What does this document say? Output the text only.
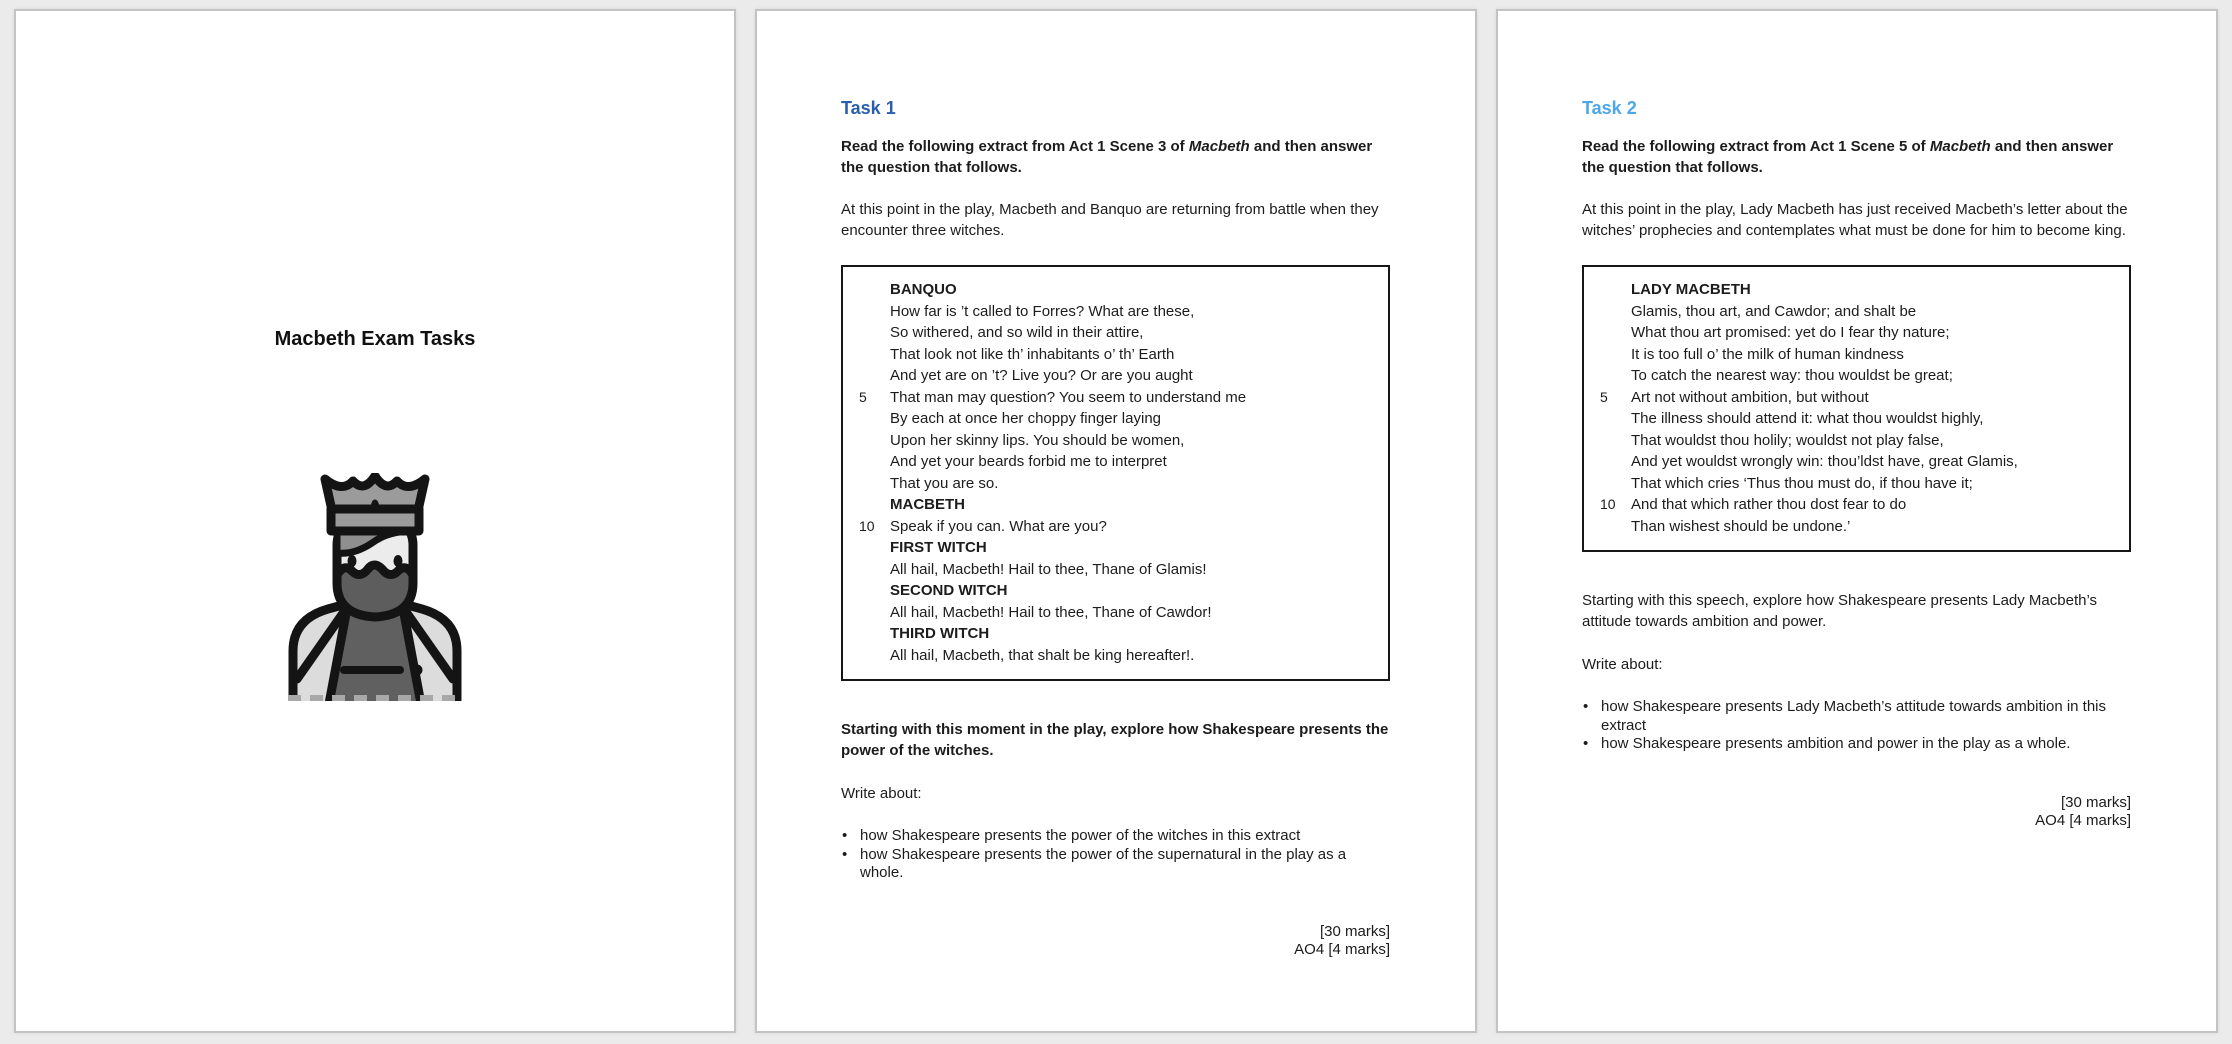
Macbeth Exam Tasks
Task 1

Read the following extract from Act 1 Scene 3 of Macbeth and then answer the question that follows.

At this point in the play, Macbeth and Banquo are returning from battle when they encounter three witches.

BANQUO
How far is ’t called to Forres? What are these,
So withered, and so wild in their attire,
That look not like th’ inhabitants o’ th’ Earth
And yet are on ’t? Live you? Or are you aught
5	That man may question? You seem to understand me
By each at once her choppy finger laying
Upon her skinny lips. You should be women,
And yet your beards forbid me to interpret
That you are so.
MACBETH
10	Speak if you can. What are you?
FIRST WITCH
All hail, Macbeth! Hail to thee, Thane of Glamis!
SECOND WITCH
All hail, Macbeth! Hail to thee, Thane of Cawdor!
THIRD WITCH
All hail, Macbeth, that shalt be king hereafter!.

Starting with this moment in the play, explore how Shakespeare presents the power of the witches.

Write about:

• how Shakespeare presents the power of the witches in this extract
• how Shakespeare presents the power of the supernatural in the play as a whole.
[30 marks]
AO4 [4 marks]
Task 2

Read the following extract from Act 1 Scene 5 of Macbeth and then answer the question that follows.

At this point in the play, Lady Macbeth has just received Macbeth’s letter about the witches’ prophecies and contemplates what must be done for him to become king.

LADY MACBETH
Glamis, thou art, and Cawdor; and shalt be
What thou art promised: yet do I fear thy nature;
It is too full o’ the milk of human kindness
To catch the nearest way: thou wouldst be great;
5	Art not without ambition, but without
The illness should attend it: what thou wouldst highly,
That wouldst thou holily; wouldst not play false,
And yet wouldst wrongly win: thou’ldst have, great Glamis,
That which cries ‘Thus thou must do, if thou have it;
10	And that which rather thou dost fear to do
Than wishest should be undone.’

Starting with this speech, explore how Shakespeare presents Lady Macbeth’s attitude towards ambition and power.

Write about:

• how Shakespeare presents Lady Macbeth’s attitude towards ambition in this extract
• how Shakespeare presents ambition and power in the play as a whole.
[30 marks]
AO4 [4 marks]
